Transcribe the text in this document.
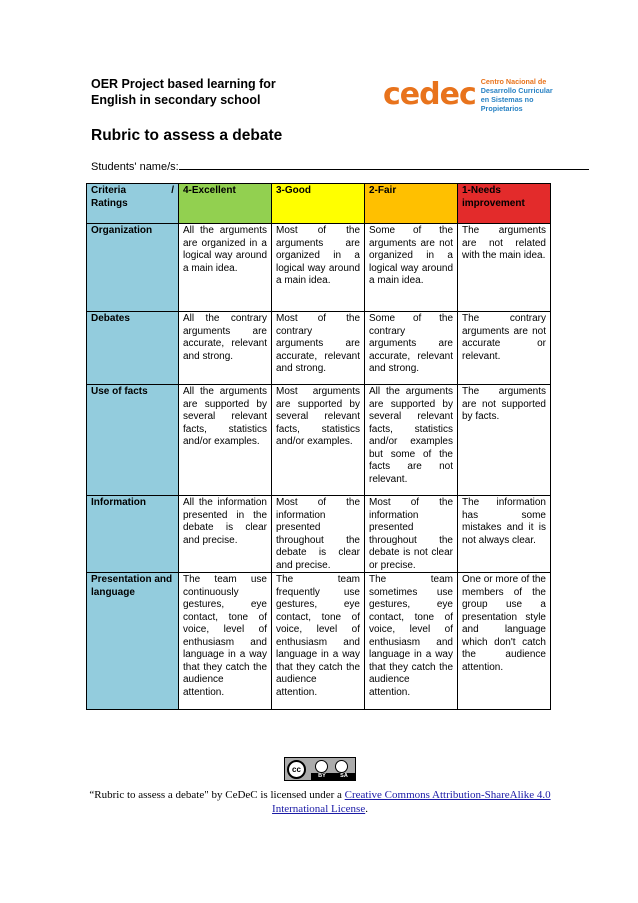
OER Project based learning for
English in secondary school	cedec Centro Nacional de
Desarrollo Curricular
en Sistemas no Propietarios
Rubric to assess a debate
Students' name/s:
Criteria /
Ratings	4-Excellent	3-Good	2-Fair	1-Needs improvement
Organization	All the arguments are organized in a logical way around a main idea.	Most of the arguments are organized in a logical way around a main idea.	Some of the arguments are not organized in a logical way around a main idea.	The arguments are not related with the main idea.
Debates	All the contrary arguments are accurate, relevant and strong.	Most of the contrary arguments are accurate, relevant and strong.	Some of the contrary arguments are accurate, relevant and strong.	The contrary arguments are not accurate or relevant.
Use of facts	All the arguments are supported by several relevant facts, statistics and/or examples.	Most arguments are supported by several relevant facts, statistics and/or examples.	All the arguments are supported by several relevant facts, statistics and/or examples but some of the facts are not relevant.	The arguments are not supported by facts.
Information	All the information presented in the debate is clear and precise.	Most of the information presented throughout the debate is clear and precise.	Most of the information presented throughout the debate is not clear or precise.	The information has some mistakes and it is not always clear.
Presentation and language	The team use continuously gestures, eye contact, tone of voice, level of enthusiasm and language in a way that they catch the audience attention.	The team frequently use gestures, eye contact, tone of voice, level of enthusiasm and language in a way that they catch the audience attention.	The team sometimes use gestures, eye contact, tone of voice, level of enthusiasm and language in a way that they catch the audience attention.	One or more of the members of the group use a presentation style and language which don't catch the audience attention.
cc
BY	SA
“Rubric to assess a debate" by CeDeC is licensed under a Creative Commons Attribution-ShareAlike 4.0 International License.
